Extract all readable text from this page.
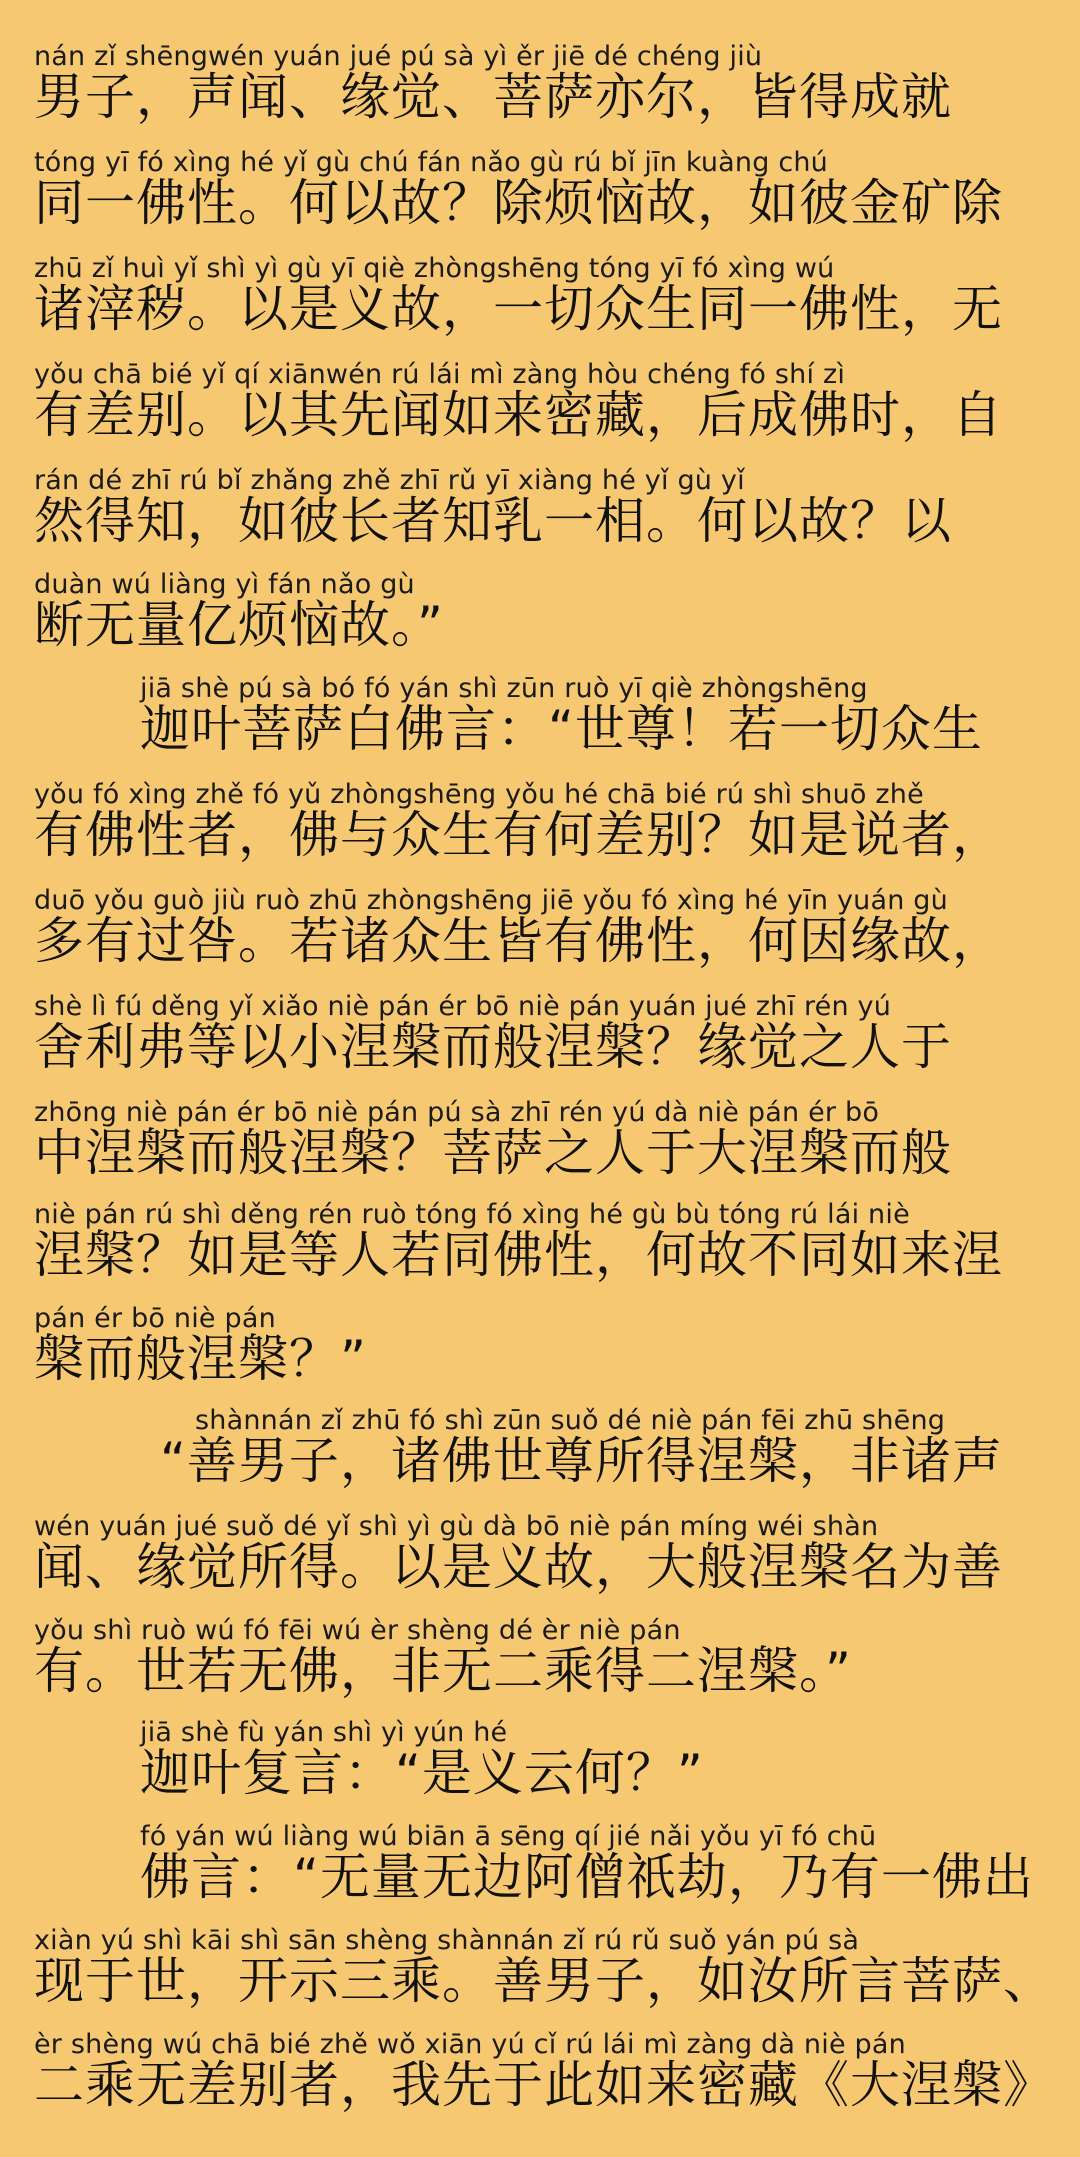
nán zǐ shēngwén yuán jué pú sà yì ěr jiē dé chéng jiù
男子，声闻、缘觉、菩萨亦尔，皆得成就
tóng yī fó xìng hé yǐ gù chú fán nǎo gù rú bǐ jīn kuàng chú
同一佛性。何以故？除烦恼故，如彼金矿除
zhū zǐ huì yǐ shì yì gù yī qiè zhòngshēng tóng yī fó xìng wú
诸滓秽。以是义故，一切众生同一佛性，无
yǒu chā bié yǐ qí xiānwén rú lái mì zàng hòu chéng fó shí zì
有差别。以其先闻如来密藏，后成佛时，自
rán dé zhī rú bǐ zhǎng zhě zhī rǔ yī xiàng hé yǐ gù yǐ
然得知，如彼长者知乳一相。何以故？以
duàn wú liàng yì fán nǎo gù
断无量亿烦恼故。”
jiā shè pú sà bó fó yán shì zūn ruò yī qiè zhòngshēng
迦叶菩萨白佛言：“世尊！若一切众生
yǒu fó xìng zhě fó yǔ zhòngshēng yǒu hé chā bié rú shì shuō zhě
有佛性者，佛与众生有何差别？如是说者，
duō yǒu guò jiù ruò zhū zhòngshēng jiē yǒu fó xìng hé yīn yuán gù
多有过咎。若诸众生皆有佛性，何因缘故，
shè lì fú děng yǐ xiǎo niè pán ér bō niè pán yuán jué zhī rén yú
舍利弗等以小涅槃而般涅槃？缘觉之人于
zhōng niè pán ér bō niè pán pú sà zhī rén yú dà niè pán ér bō
中涅槃而般涅槃？菩萨之人于大涅槃而般
niè pán rú shì děng rén ruò tóng fó xìng hé gù bù tóng rú lái niè
涅槃？如是等人若同佛性，何故不同如来涅
pán ér bō niè pán
槃而般涅槃？”
shànnán zǐ zhū fó shì zūn suǒ dé niè pán fēi zhū shēng
“善男子，诸佛世尊所得涅槃，非诸声
wén yuán jué suǒ dé yǐ shì yì gù dà bō niè pán míng wéi shàn
闻、缘觉所得。以是义故，大般涅槃名为善
yǒu shì ruò wú fó fēi wú èr shèng dé èr niè pán
有。世若无佛，非无二乘得二涅槃。”
jiā shè fù yán shì yì yún hé
迦叶复言：“是义云何？”
fó yán wú liàng wú biān ā sēng qí jié nǎi yǒu yī fó chū
佛言：“无量无边阿僧祇劫，乃有一佛出
xiàn yú shì kāi shì sān shèng shànnán zǐ rú rǔ suǒ yán pú sà
现于世，开示三乘。善男子，如汝所言菩萨、
èr shèng wú chā bié zhě wǒ xiān yú cǐ rú lái mì zàng dà niè pán
二乘无差别者，我先于此如来密藏《大涅槃》
